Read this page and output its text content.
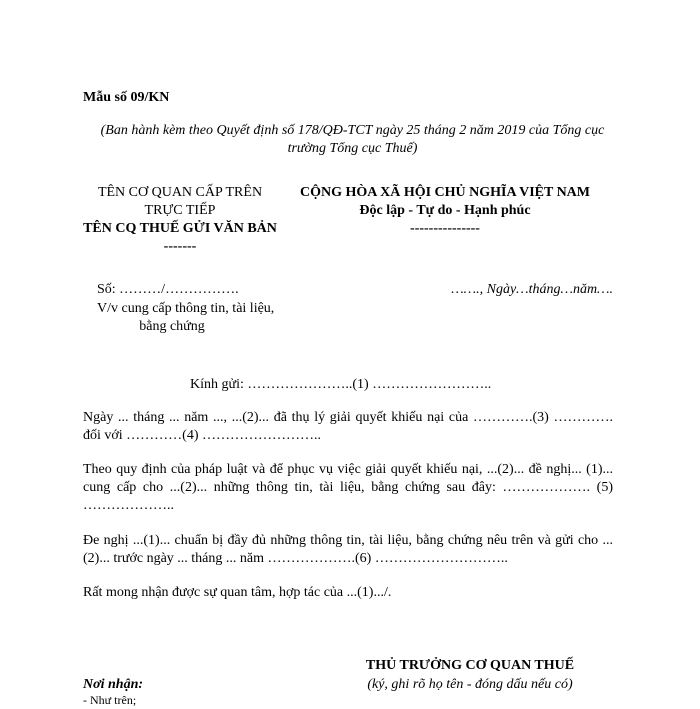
Mẫu số 09/KN
(Ban hành kèm theo Quyết định số 178/QĐ-TCT ngày 25 tháng 2 năm 2019 của Tổng cục trường Tổng cục Thuế)
TÊN CƠ QUAN CẤP TRÊN TRỰC TIẾP
TÊN CQ THUẾ GỬI VĂN BẢN
-------
CỘNG HÒA XÃ HỘI CHỦ NGHĨA VIỆT NAM
Độc lập - Tự do - Hạnh phúc
---------------
Số: ………/…………….	……., Ngày…tháng…năm….
V/v cung cấp thông tin, tài liệu,
bằng chứng
Kính gửi: …………………..(1) ……………………..
Ngày ... tháng ... năm ..., ...(2)... đã thụ lý giải quyết khiếu nại của ………….(3) …………. đối với …………(4) ……………………..
Theo quy định của pháp luật và để phục vụ việc giải quyết khiếu nại, ...(2)... đề nghị... (1)... cung cấp cho ...(2)... những thông tin, tài liệu, bằng chứng sau đây: ………………. (5) ………………..
Đe nghị ...(1)... chuẩn bị đầy đủ những thông tin, tài liệu, bằng chứng nêu trên và gửi cho ...(2)... trước ngày ... tháng ... năm ……………….(6) ………………………..
Rất mong nhận được sự quan tâm, hợp tác của ...(1).../.
Nơi nhận:
- Như trên;
THỦ TRƯỞNG CƠ QUAN THUẾ
(ký, ghi rõ họ tên - đóng dấu nếu có)
